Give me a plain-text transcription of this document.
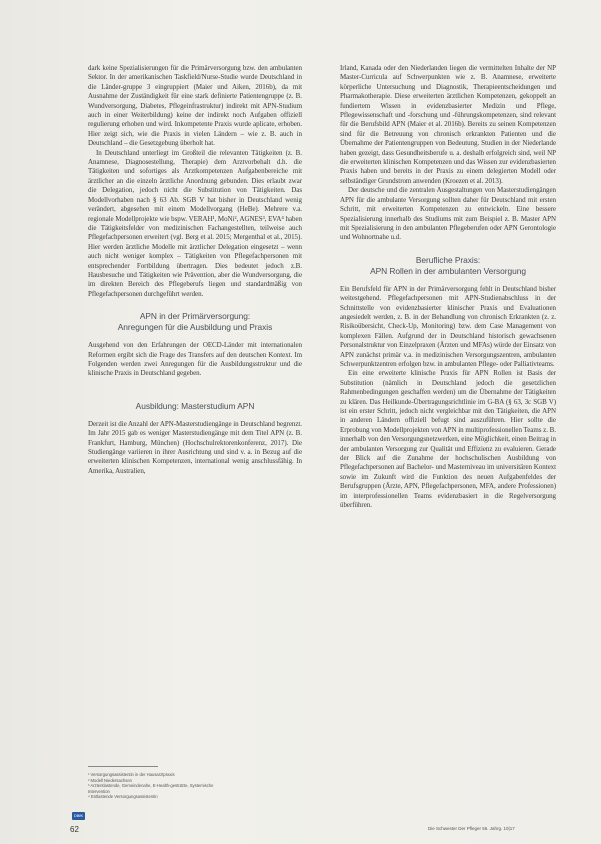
dark keine Spezialisierungen für die Primärversorgung bzw. den ambulanten Sektor. In der amerikanischen Taskfield/Nurse-Studie wurde Deutschland in die Länder-gruppe 3 eingruppiert (Maier und Aiken, 2016b), da mit Ausnahme der Zuständigkeit für eine stark definierte Patientengruppe (z. B. Wundversorgung, Diabetes, Pflegeinfrastruktur) indirekt mit APN-Studium auch in einer Weiterbildung) keine der indirekt noch Aufgaben offiziell regulierung erhoben und wird. Inkompetente Praxis wurde aplicate, erhoben. Hier zeigt sich, wie die Praxis in vielen Ländern – wie z. B. auch in Deutschland – die Gesetzgebung überholt hat.

In Deutschland unterliegt im Großteil die relevanten Tätigkeiten (z. B. Anamnese, Diagnosestellung, Therapie) dem Arztvorbehalt d.h. die Tätigkeiten und sofortiges als Arztkompetenzen Aufgabenbereiche mit ärztlicher an die einzeln ärztliche Anordnung gebunden. Dies erlaubt zwar die Delegation, jedoch nicht die Substitution von Tätigkeiten. Das Modellvorhaben nach § 63 Ab. SGB V hat bisher in Deutschland wenig verändert, abgesehen mit einem Modellvorgang (HeBe). Mehrere v.a. regionale Modellprojekte wie bspw. VERAH¹, MoNi², AGNES³, EVA⁴ haben die Tätigkeitsfelder von medizinischen Fachangestellten, teilweise auch Pflegefachpersonen erweitert (vgl. Berg et al. 2015; Mergenthal et al., 2015). Hier werden ärztliche Modelle mit ärztlicher Delegation eingesetzt – wenn auch nicht weniger komplex – Tätigkeiten von Pflegefachpersonen mit entsprechender Fortbildung übertragen. Dies bedeutet jedoch z.B. Hausbesuche und Tätigkeiten wie Prävention, aber die Wundversorgung, die im direkten Bereich des Pflegeberufs liegen und standardmäßig von Pflegefachpersonen durchgeführt werden.

APN in der Primärversorgung:
Anregungen für die Ausbildung und Praxis

Ausgehend von den Erfahrungen der OECD-Länder mit internationalen Reformen ergibt sich die Frage des Transfers auf den deutschen Kontext. Im Folgenden werden zwei Anregungen für die Ausbildungsstruktur und die klinische Praxis in Deutschland gegeben.

Ausbildung: Masterstudium APN

Derzeit ist die Anzahl der APN-Masterstudiengänge in Deutschland begrenzt. Im Jahr 2015 gab es weniger Masterstudiengänge mit dem Titel APN (z. B. Frankfurt, Hamburg, München) (Hochschulrektorenkonferenz, 2017). Die Studiengänge variieren in ihrer Ausrichtung und sind v. a. in Bezug auf die erweiterten klinischen Kompetenzen, international wenig anschlussfähig. In Amerika, Australien,

Irland, Kanada oder den Niederlanden liegen die vermittelten Inhalte der NP Master-Curricula auf Schwerpunkten wie z. B. Anamnese, erweiterte körperliche Untersuchung und Diagnostik, Therapieentscheidungen und Pharmakotherapie. Diese erweiterten ärztlichen Kompetenzen, gekoppelt an fundiertem Wissen in evidenzbasierter Medizin und Pflege, Pflegewissenschaft und -forschung und -führungskompetenzen, sind relevant für die Berufsbild APN (Maier et al. 2016b). Bereits zu seinen Kompetenzen sind für die Betreuung von chronisch erkrankten Patienten und die Übernahme der Patientengruppen von Bedeutung. Studien in der Niederlande haben gezeigt, dass Gesundheitsberufe u. a. deshalb erfolgreich sind, weil NP die erweiterten klinischen Kompetenzen und das Wissen zur evidenzbasierten Praxis haben und bereits in der Praxis zu einem delegierten Modell oder selbständiger Grundstrom anwenden (Kroezen et al. 2013).

Der deutsche und die zentralen Ausgestaltungen von Masterstudiengängen APN für die ambulante Versorgung sollten daher für Deutschland mit ersten Schritt, mit erweiterten Kompetenzen zu entwickeln. Eine bessere Spezialisierung innerhalb des Studiums mit zum Beispiel z. B. Master APN mit Spezialisierung in den ambulanten Pflegeberufen oder APN Gerontologie und Wohnortnahe u.d.

Berufliche Praxis:
APN Rollen in der ambulanten Versorgung

Ein Berufsfeld für APN in der Primärversorgung fehlt in Deutschland bisher weitestgehend. Pflegefachpersonen mit APN-Studienabschluss in der Schnittstelle von evidenzbasierter klinischer Praxis und Evaluationen angesiedelt werden, z. B. in der Behandlung von chronisch Erkrankten (z. z. Risikoübersicht, Check-Up, Monitoring) bzw. dem Case Management von komplexen Fällen. Aufgrund der in Deutschland historisch gewachsenen Personalstruktur von Einzelpraxen (Ärzten und MFAs) würde der Einsatz von APN zunächst primär v.a. in medizinischen Versorgungszentren, ambulanten Schwerpunktzentren erfolgen bzw. in ambulanten Pflege- oder Palliativteams.

Ein eine erweiterte klinische Praxis für APN Rollen ist Basis der Substitution (nämlich in Deutschland jedoch die gesetzlichen Rahmenbedingungen geschaffen werden) um die Übernahme der Tätigkeiten zu klären. Das Heilkunde-Übertragungsrichtlinie im G-BA (§ 63, 3c SGB V) ist ein erster Schritt, jedoch nicht vergleichbar mit den Tätigkeiten, die APN in anderen Ländern offiziell befugt sind auszuführen. Hier sollte die Erprobung von Modellprojekten von APN in multiprofessionellen Teams z. B. innerhalb von den Versorgungsnetzwerken, eine Möglichkeit, einen Beitrag in der ambulanten Versorgung zur Qualität und Effizienz zu evaluieren. Gerade der Blick auf die Zunahme der hochschulischen Ausbildung von Pflegefachpersonen auf Bachelor- und Masterniveau im universitären Kontext sowie im Zukunft wird die Funktion des neuen Aufgabenfeldes der Berufsgruppen (Ärzte, APN, Pflegefachpersonen, MFA, andere Professionen) im interprofessionellen Teams evidenzbasiert in die Regelversorgung überführen.

¹ Versorgungsassistentin in der Hausarztpraxis
² Modell Niedersachsen
³ Arztentlastende, Gemeindenahe, E-Health-gestützte, Systemische Intervention
⁴ Entlastende Versorgungsassistentin
DBfK
62	Die Schwester Der Pfleger 56. Jahrg. 10|17
